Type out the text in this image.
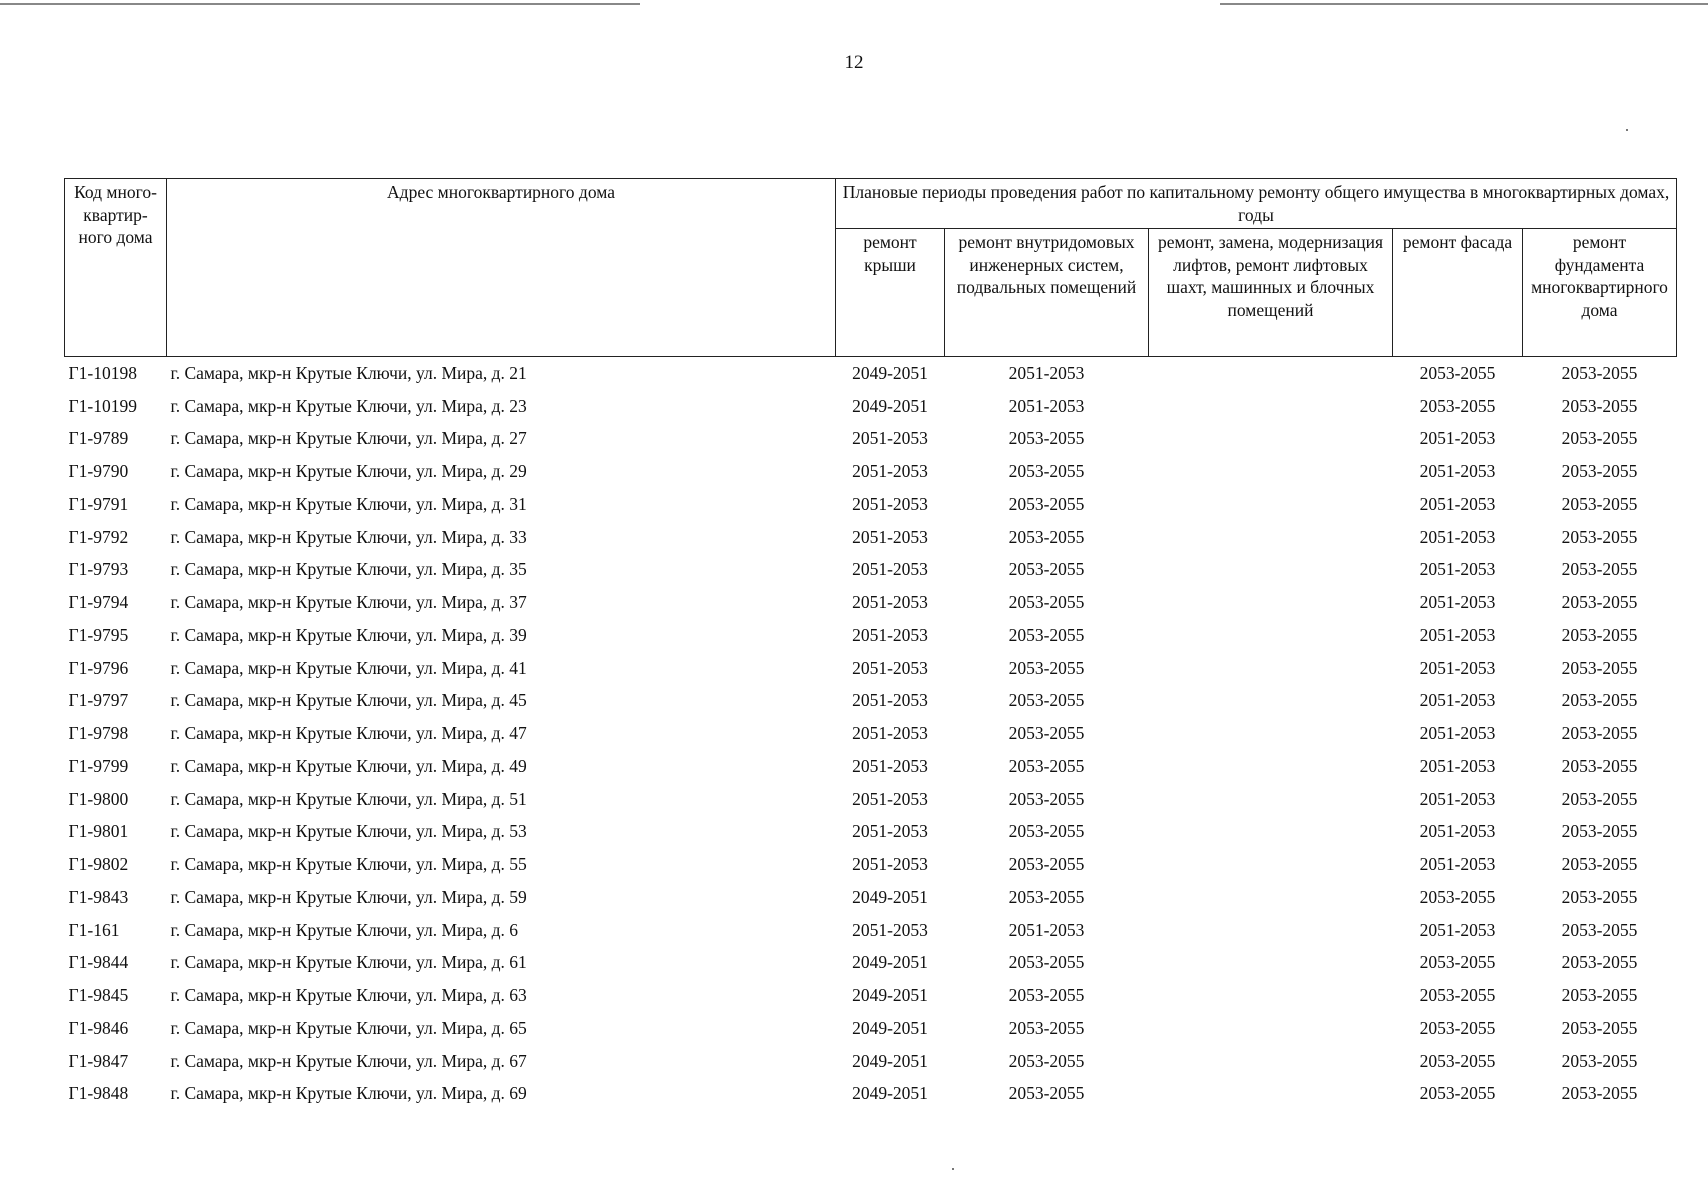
12
Код много-квартир-ного дома	Адрес многоквартирного дома	Плановые периоды проведения работ по капитальному ремонту общего имущества в многоквартирных домах, годы				
		ремонт крыши	ремонт внутридомовых инженерных систем, подвальных помещений	ремонт, замена, модернизация лифтов, ремонт лифтовых шахт, машинных и блочных помещений	ремонт фасада	ремонт фундамента многоквартирного дома
Г1-10198	г. Самара, мкр-н Крутые Ключи, ул. Мира, д. 21	2049-2051	2051-2053		2053-2055	2053-2055
Г1-10199	г. Самара, мкр-н Крутые Ключи, ул. Мира, д. 23	2049-2051	2051-2053		2053-2055	2053-2055
Г1-9789	г. Самара, мкр-н Крутые Ключи, ул. Мира, д. 27	2051-2053	2053-2055		2051-2053	2053-2055
Г1-9790	г. Самара, мкр-н Крутые Ключи, ул. Мира, д. 29	2051-2053	2053-2055		2051-2053	2053-2055
Г1-9791	г. Самара, мкр-н Крутые Ключи, ул. Мира, д. 31	2051-2053	2053-2055		2051-2053	2053-2055
Г1-9792	г. Самара, мкр-н Крутые Ключи, ул. Мира, д. 33	2051-2053	2053-2055		2051-2053	2053-2055
Г1-9793	г. Самара, мкр-н Крутые Ключи, ул. Мира, д. 35	2051-2053	2053-2055		2051-2053	2053-2055
Г1-9794	г. Самара, мкр-н Крутые Ключи, ул. Мира, д. 37	2051-2053	2053-2055		2051-2053	2053-2055
Г1-9795	г. Самара, мкр-н Крутые Ключи, ул. Мира, д. 39	2051-2053	2053-2055		2051-2053	2053-2055
Г1-9796	г. Самара, мкр-н Крутые Ключи, ул. Мира, д. 41	2051-2053	2053-2055		2051-2053	2053-2055
Г1-9797	г. Самара, мкр-н Крутые Ключи, ул. Мира, д. 45	2051-2053	2053-2055		2051-2053	2053-2055
Г1-9798	г. Самара, мкр-н Крутые Ключи, ул. Мира, д. 47	2051-2053	2053-2055		2051-2053	2053-2055
Г1-9799	г. Самара, мкр-н Крутые Ключи, ул. Мира, д. 49	2051-2053	2053-2055		2051-2053	2053-2055
Г1-9800	г. Самара, мкр-н Крутые Ключи, ул. Мира, д. 51	2051-2053	2053-2055		2051-2053	2053-2055
Г1-9801	г. Самара, мкр-н Крутые Ключи, ул. Мира, д. 53	2051-2053	2053-2055		2051-2053	2053-2055
Г1-9802	г. Самара, мкр-н Крутые Ключи, ул. Мира, д. 55	2051-2053	2053-2055		2051-2053	2053-2055
Г1-9843	г. Самара, мкр-н Крутые Ключи, ул. Мира, д. 59	2049-2051	2053-2055		2053-2055	2053-2055
Г1-161	г. Самара, мкр-н Крутые Ключи, ул. Мира, д. 6	2051-2053	2051-2053		2051-2053	2053-2055
Г1-9844	г. Самара, мкр-н Крутые Ключи, ул. Мира, д. 61	2049-2051	2053-2055		2053-2055	2053-2055
Г1-9845	г. Самара, мкр-н Крутые Ключи, ул. Мира, д. 63	2049-2051	2053-2055		2053-2055	2053-2055
Г1-9846	г. Самара, мкр-н Крутые Ключи, ул. Мира, д. 65	2049-2051	2053-2055		2053-2055	2053-2055
Г1-9847	г. Самара, мкр-н Крутые Ключи, ул. Мира, д. 67	2049-2051	2053-2055		2053-2055	2053-2055
Г1-9848	г. Самара, мкр-н Крутые Ключи, ул. Мира, д. 69	2049-2051	2053-2055		2053-2055	2053-2055
